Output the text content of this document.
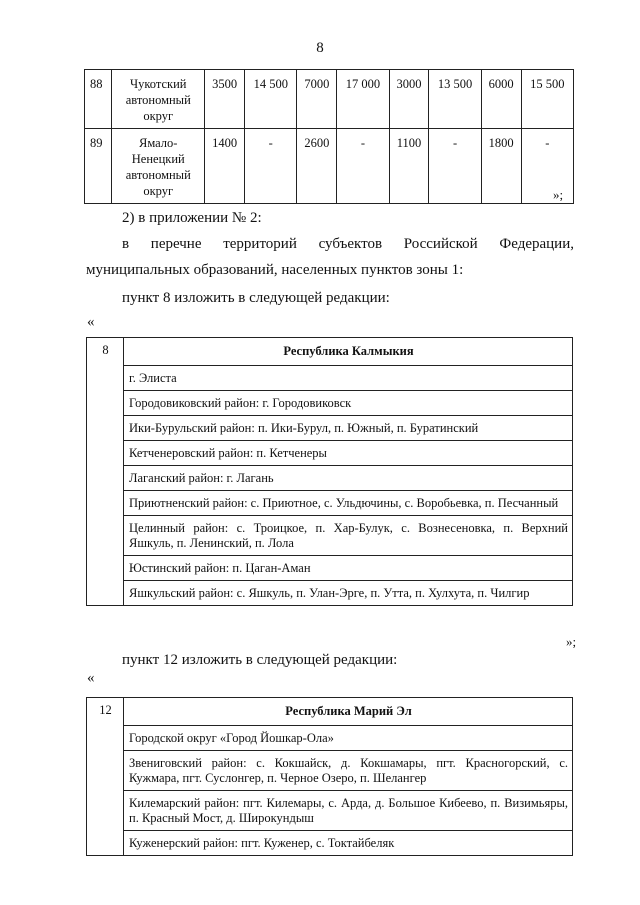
8
88	Чукотский автономный округ	3500	14 500	7000	17 000	3000	13 500	6000	15 500
89	Ямало-Ненецкий автономный округ	1400	-	2600	-	1100	-	1800	-
»;
2) в приложении № 2:
в перечне территорий субъектов Российской Федерации,
муниципальных образований, населенных пунктов зоны 1:
пункт 8 изложить в следующей редакции:
«
8	Республика Калмыкия
г. Элиста
Городовиковский район: г. Городовиковск
Ики-Бурульский район: п. Ики-Бурул, п. Южный, п. Буратинский
Кетченеровский район: п. Кетченеры
Лаганский район: г. Лагань
Приютненский район: с. Приютное, с. Ульдючины, с. Воробьевка, п. Песчанный
Целинный район: с. Троицкое, п. Хар-Булук, с. Вознесеновка, п. Верхний Яшкуль, п. Ленинский, п. Лола
Юстинский район: п. Цаган-Аман
Яшкульский район: с. Яшкуль, п. Улан-Эрге, п. Утта, п. Хулхута, п. Чилгир
»;
пункт 12 изложить в следующей редакции:
«
12	Республика Марий Эл
Городской округ «Город Йошкар-Ола»
Звениговский район: с. Кокшайск, д. Кокшамары, пгт. Красногорский, с. Кужмара, пгт. Суслонгер, п. Черное Озеро, п. Шелангер
Килемарский район: пгт. Килемары, с. Арда, д. Большое Кибеево, п. Визимьяры, п. Красный Мост, д. Широкундыш
Куженерский район: пгт. Куженер, с. Токтайбеляк
